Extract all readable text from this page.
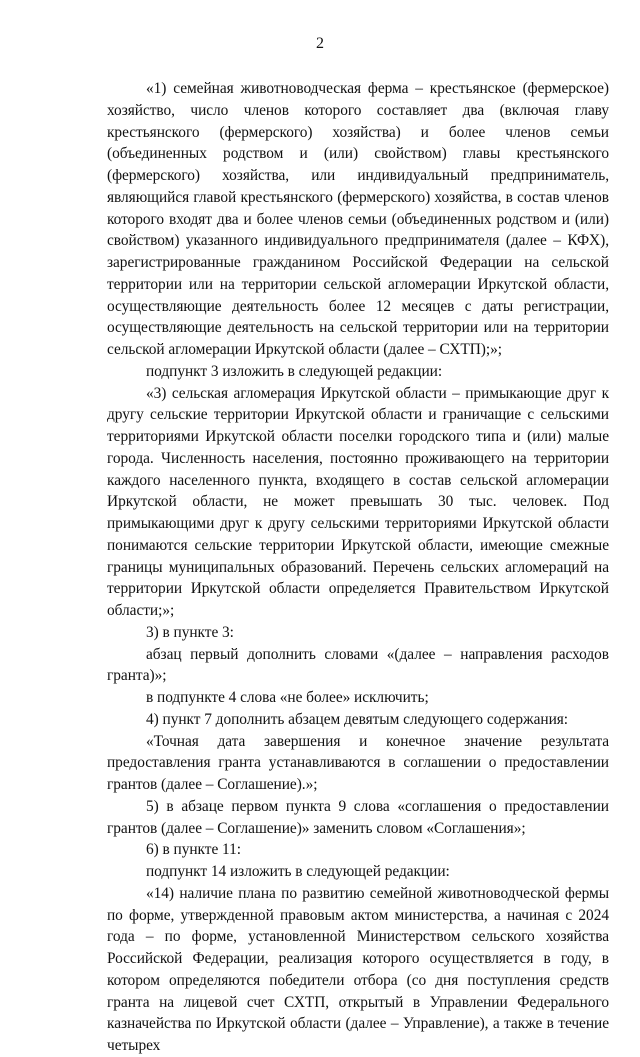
2

«1) семейная животноводческая ферма – крестьянское (фермерское) хозяйство, число членов которого составляет два (включая главу крестьянского (фермерского) хозяйства) и более членов семьи (объединенных родством и (или) свойством) главы крестьянского (фермерского) хозяйства, или индивидуальный предприниматель, являющийся главой крестьянского (фермерского) хозяйства, в состав членов которого входят два и более членов семьи (объединенных родством и (или) свойством) указанного индивидуального предпринимателя (далее – КФХ), зарегистрированные гражданином Российской Федерации на сельской территории или на территории сельской агломерации Иркутской области, осуществляющие деятельность более 12 месяцев с даты регистрации, осуществляющие деятельность на сельской территории или на территории сельской агломерации Иркутской области (далее – СХТП);»;

подпункт 3 изложить в следующей редакции:

«3) сельская агломерация Иркутской области – примыкающие друг к другу сельские территории Иркутской области и граничащие с сельскими территориями Иркутской области поселки городского типа и (или) малые города. Численность населения, постоянно проживающего на территории каждого населенного пункта, входящего в состав сельской агломерации Иркутской области, не может превышать 30 тыс. человек. Под примыкающими друг к другу сельскими территориями Иркутской области понимаются сельские территории Иркутской области, имеющие смежные границы муниципальных образований. Перечень сельских агломераций на территории Иркутской области определяется Правительством Иркутской области;»;

3) в пункте 3:

абзац первый дополнить словами «(далее – направления расходов гранта)»;

в подпункте 4 слова «не более» исключить;

4) пункт 7 дополнить абзацем девятым следующего содержания:

«Точная дата завершения и конечное значение результата предоставления гранта устанавливаются в соглашении о предоставлении грантов (далее – Соглашение).»;

5) в абзаце первом пункта 9 слова «соглашения о предоставлении грантов (далее – Соглашение)» заменить словом «Соглашения»;

6) в пункте 11:

подпункт 14 изложить в следующей редакции:

«14) наличие плана по развитию семейной животноводческой фермы по форме, утвержденной правовым актом министерства, а начиная с 2024 года – по форме, установленной Министерством сельского хозяйства Российской Федерации, реализация которого осуществляется в году, в котором определяются победители отбора (со дня поступления средств гранта на лицевой счет СХТП, открытый в Управлении Федерального казначейства по Иркутской области (далее – Управление), а также в течение четырех
